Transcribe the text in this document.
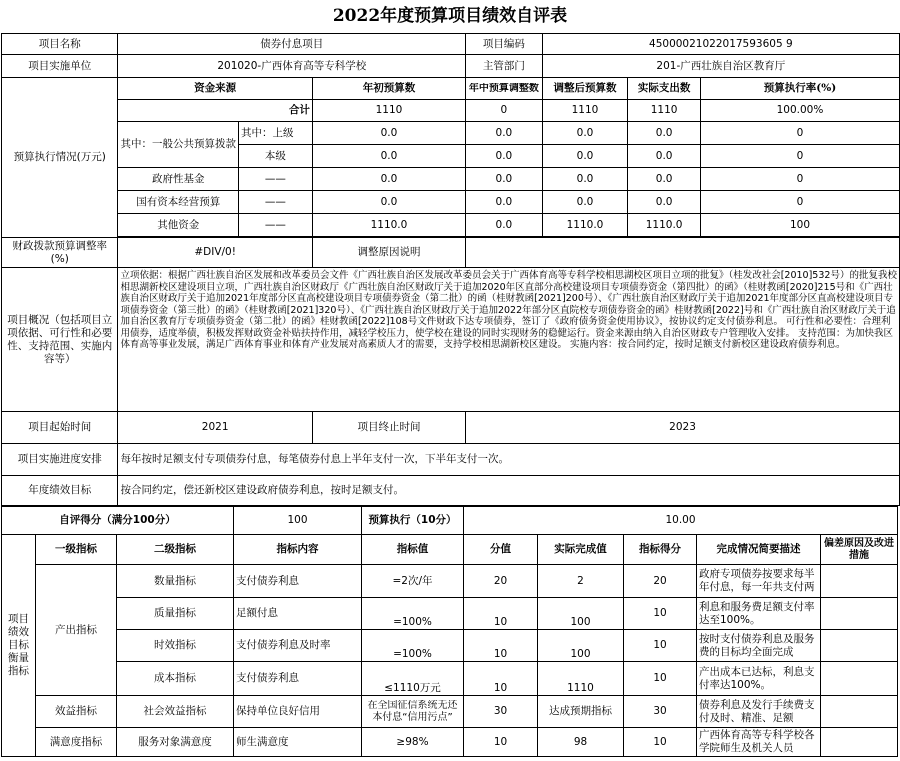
2022年度预算项目绩效自评表
项目名称	债券付息项目			项目编码	45000021022017593605 9		
项目实施单位	201020-广西体育高等专科学校			主管部门	201-广西壮族自治区教育厅		
预算执行情况(万元)	资金来源		年初预算数	年中预算调整数	调整后预算数	实际支出数	预算执行率(%)
	合计		1110	0	1110	1110	100.00%

	其中：一般公共预算拨款	其中：上级	0.0	0.0	0.0	0.0	0
		本级	0.0	0.0	0.0	0.0	0
	政府性基金	——	0.0	0.0	0.0	0.0	0
	国有资本经营预算	——	0.0	0.0	0.0	0.0	0
	其他资金	——	1110.0	0.0	1110.0	1110.0	100

财政拨款预算调整率(%)	#DIV/0!		调整原因说明				
项目概况（包括项目立项依据、可行性和必要性、支持范围、实施内容等）	立项依据：根据广西壮族自治区发展和改革委员会文件《广西壮族自治区发展改革委员会关于广西体育高等专科学校相思湖校区项目立项的批复》（桂发改社会[2010]532号）的批复我校相思湖新校区建设项目立项，广西壮族自治区财政厅《广西壮族自治区财政厅关于追加2020年区直部分高校建设项目专项债券资金（第四批）的函》（桂财教函[2020]215号和《广西壮族自治区财政厅关于追加2021年度部分区直高校建设项目专项债券资金（第二批）的函（桂财教函[2021]200号）、《广西壮族自治区财政厅关于追加2021年度部分区直高校建设项目专项债券资金（第三批）的函》（桂财教函[2021]320号）、《广西壮族自治区财政厅关于追加2022年部分区直院校专项债券资金的函》桂财教函[2022]号和《广西壮族自治区财政厅关于追加自治区教育厅专项债券资金（第二批）的函》桂财教函[2022]108号文件财政下达专项债券，签订了《政府债务资金使用协议》，按协议约定支付债券利息。 可行性和必要性：合理利用债券，适度举债，积极发挥财政资金补贴扶持作用，减轻学校压力，使学校在建设的同时实现财务的稳健运行。资金来源由纳入自治区财政专户管理收入安排。 支持范围：为加快我区体育高等事业发展，满足广西体育事业和体育产业发展对高素质人才的需要，支持学校相思湖新校区建设。 实施内容：按合同约定，按时足额支付新校区建设政府债券利息。						
项目起始时间	2021		项目终止时间	2023			
项目实施进度安排	每年按时足额支付专项债券付息，每笔债券付息上半年支付一次，下半年支付一次。						
年度绩效目标	按合同约定，偿还新校区建设政府债券利息，按时足额支付。						
自评得分（满分100分）			100	预算执行（10分）	10.00				
项目绩效目标衡量指标	一级指标	二级指标	指标内容	指标值	分值	实际完成值	指标得分	完成情况简要描述	偏差原因及改进措施
	产出指标	数量指标	支付债券利息	=2次/年	20	2	20	政府专项债券按要求每半年付息，每一年共支付两	

		质量指标	足额付息	=100%	10	100	10	利息和服务费足额支付率达至100%。	

		时效指标	支付债券利息及时率	=100%	10	100	10	按时支付债券利息及服务费的目标均全面完成	

		成本指标	支付债券利息	≤1110万元	10	1110	10	产出成本已达标，利息支付率达100%。	

	效益指标	社会效益指标	保持单位良好信用	在全国征信系统无还本付息“信用污点”	30	达成预期指标	30	债券利息及发行手续费支付及时、精准、足额	

	满意度指标	服务对象满意度	师生满意度	≥98%	10	98	10	广西体育高等专科学校各学院师生及机关人员	
